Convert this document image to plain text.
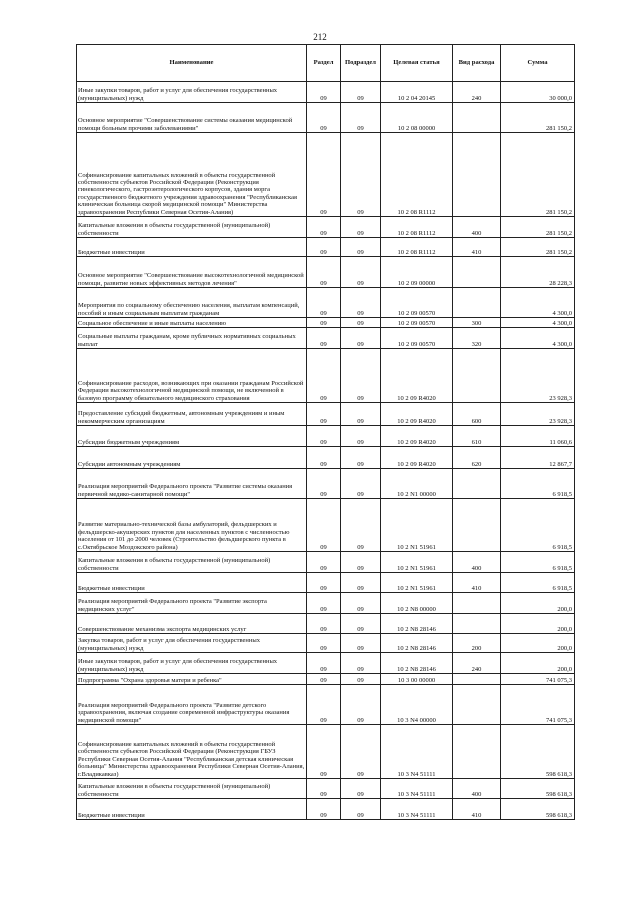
212
Наименование	Раздел	Подраздел	Целевая статья	Вид расхода	Сумма
Иные закупки товаров, работ и услуг для обеспечения государственных (муниципальных) нужд	09	09	10 2 04 20145	240	30 000,0
Основное мероприятие "Совершенствование системы оказания медицинской помощи больным прочими заболеваниями"	09	09	10 2 08 00000		281 150,2
Софинансирование капитальных вложений в объекты государственной собственности субъектов Российской Федерации (Реконструкция гинекологического, гастроэнтерологического корпусов, здания морга государственного бюджетного учреждения здравоохранения "Республиканская клиническая больница скорой медицинской помощи" Министерства здравоохранения Республики Северная Осетия-Алания)	09	09	10 2 08 R1112		281 150,2
Капитальные вложения в объекты государственной (муниципальной) собственности	09	09	10 2 08 R1112	400	281 150,2
Бюджетные инвестиции	09	09	10 2 08 R1112	410	281 150,2
Основное мероприятие "Совершенствование высокотехнологичной медицинской помощи, развитие новых эффективных методов лечения"	09	09	10 2 09 00000		28 228,3
Мероприятия по социальному обеспечению населения, выплатам компенсаций, пособий и иным социальным выплатам гражданам	09	09	10 2 09 00570		4 300,0
Социальное обеспечение и иные выплаты населению	09	09	10 2 09 00570	300	4 300,0
Социальные выплаты гражданам, кроме публичных нормативных социальных выплат	09	09	10 2 09 00570	320	4 300,0
Софинансирование расходов, возникающих при оказании гражданам Российской Федерации высокотехнологичной медицинской помощи, не включенной в базовую программу обязательного медицинского страхования	09	09	10 2 09 R4020		23 928,3
Предоставление субсидий бюджетным, автономным учреждениям и иным некоммерческим организациям	09	09	10 2 09 R4020	600	23 928,3
Субсидии бюджетным учреждениям	09	09	10 2 09 R4020	610	11 060,6
Субсидии автономным учреждениям	09	09	10 2 09 R4020	620	12 867,7
Реализация мероприятий Федерального проекта "Развитие системы оказания первичной медико-санитарной помощи"	09	09	10 2 N1 00000		6 918,5
Развитие материально-технической базы амбулаторий, фельдшерских и фельдшерско-акушерских пунктов для населенных пунктов с численностью населения от 101 до 2000 человек (Строительство фельдшерского пункта в с.Октябрьское Моздокского района)	09	09	10 2 N1 51961		6 918,5
Капитальные вложения в объекты государственной (муниципальной) собственности	09	09	10 2 N1 51961	400	6 918,5
Бюджетные инвестиции	09	09	10 2 N1 51961	410	6 918,5
Реализация мероприятий Федерального проекта "Развитие экспорта медицинских услуг"	09	09	10 2 N8 00000		200,0
Совершенствование механизма экспорта медицинских услуг	09	09	10 2 N8 28146		200,0
Закупка товаров, работ и услуг для обеспечения государственных (муниципальных) нужд	09	09	10 2 N8 28146	200	200,0
Иные закупки товаров, работ и услуг для обеспечения государственных (муниципальных) нужд	09	09	10 2 N8 28146	240	200,0
Подпрограмма "Охрана здоровья матери и ребенка"	09	09	10 3 00 00000		741 075,3
Реализация мероприятий Федерального проекта "Развитие детского здравоохранения, включая создание современной инфраструктуры оказания медицинской помощи"	09	09	10 3 N4 00000		741 075,3
Софинансирование капитальных вложений в объекты государственной собственности субъектов Российской Федерации (Реконструкция ГБУЗ Республики Северная Осетия-Алания "Республиканская детская клиническая больница" Министерства здравоохранения Республики Северная Осетия-Алания, г.Владикавказ)	09	09	10 3 N4 51111		598 618,3
Капитальные вложения в объекты государственной (муниципальной) собственности	09	09	10 3 N4 51111	400	598 618,3
Бюджетные инвестиции	09	09	10 3 N4 51111	410	598 618,3
